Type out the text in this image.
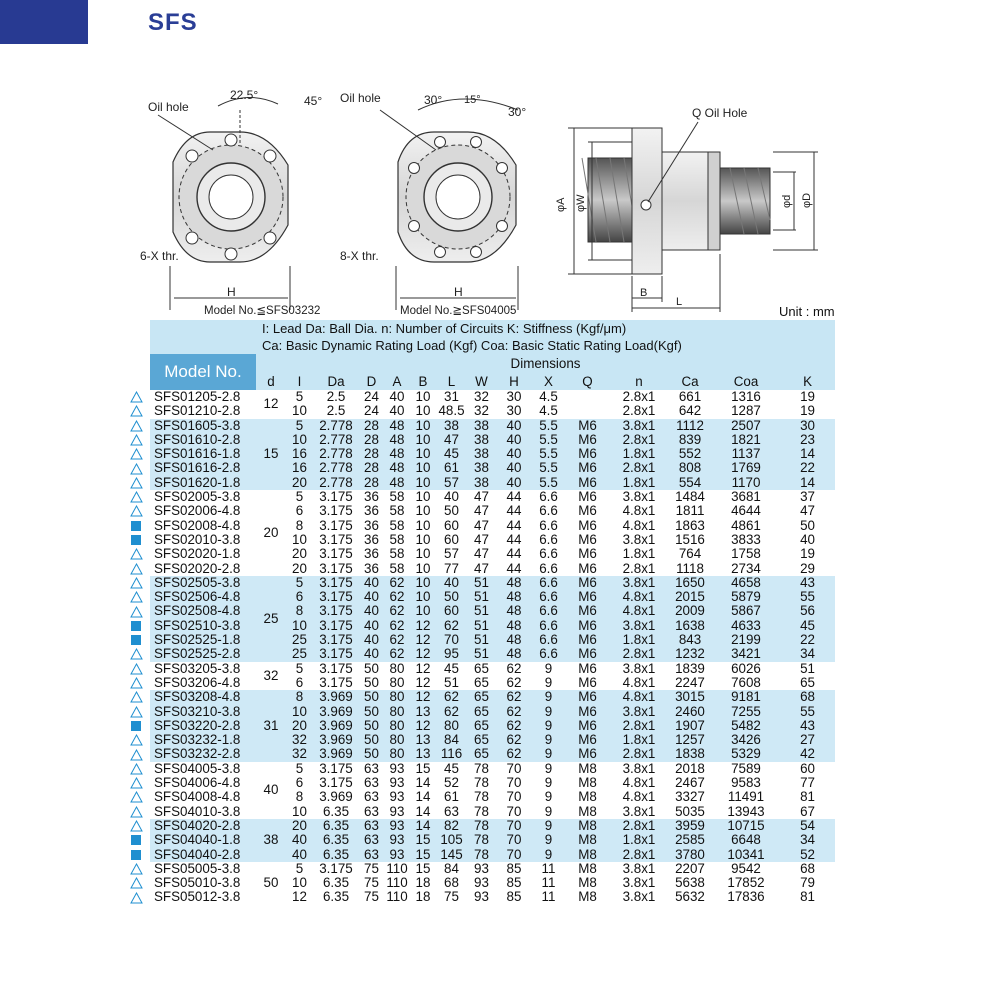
SFS
Oil hole
22.5°	45°
6-X thr.
H
Model No.≦SFS03232
Oil hole	30° 15°
30°
8-X thr.
H
Model No.≧SFS04005
Q Oil Hole
φA φW	φd φD
B
L
Unit : mm
I: Lead Da: Ball Dia. n: Number of Circuits K: Stiffness (Kgf/μm)
Ca: Basic Dynamic Rating Load (Kgf) Coa: Basic Static Rating Load(Kgf)															

Model No.	Dimensions														
	d	I	Da	D	A	B	L	W	H	X	Q	n	Ca	Coa	K
SFS01205-2.8	12	5	2.5	24	40	10	31	32	30	4.5		2.8x1	661	1316	19
SFS01210-2.8		10	2.5	24	40	10	48.5	32	30	4.5		2.8x1	642	1287	19
SFS01605-3.8	15	5	2.778	28	48	10	38	38	40	5.5	M6	3.8x1	1112	2507	30
SFS01610-2.8		10	2.778	28	48	10	47	38	40	5.5	M6	2.8x1	839	1821	23
SFS01616-1.8		16	2.778	28	48	10	45	38	40	5.5	M6	1.8x1	552	1137	14
SFS01616-2.8		16	2.778	28	48	10	61	38	40	5.5	M6	2.8x1	808	1769	22
SFS01620-1.8		20	2.778	28	48	10	57	38	40	5.5	M6	1.8x1	554	1170	14
SFS02005-3.8	20	5	3.175	36	58	10	40	47	44	6.6	M6	3.8x1	1484	3681	37
SFS02006-4.8		6	3.175	36	58	10	50	47	44	6.6	M6	4.8x1	1811	4644	47
SFS02008-4.8		8	3.175	36	58	10	60	47	44	6.6	M6	4.8x1	1863	4861	50
SFS02010-3.8		10	3.175	36	58	10	60	47	44	6.6	M6	3.8x1	1516	3833	40
SFS02020-1.8		20	3.175	36	58	10	57	47	44	6.6	M6	1.8x1	764	1758	19
SFS02020-2.8		20	3.175	36	58	10	77	47	44	6.6	M6	2.8x1	1118	2734	29
SFS02505-3.8	25	5	3.175	40	62	10	40	51	48	6.6	M6	3.8x1	1650	4658	43
SFS02506-4.8		6	3.175	40	62	10	50	51	48	6.6	M6	4.8x1	2015	5879	55
SFS02508-4.8		8	3.175	40	62	10	60	51	48	6.6	M6	4.8x1	2009	5867	56
SFS02510-3.8		10	3.175	40	62	12	62	51	48	6.6	M6	3.8x1	1638	4633	45
SFS02525-1.8		25	3.175	40	62	12	70	51	48	6.6	M6	1.8x1	843	2199	22
SFS02525-2.8		25	3.175	40	62	12	95	51	48	6.6	M6	2.8x1	1232	3421	34
SFS03205-3.8	32	5	3.175	50	80	12	45	65	62	9	M6	3.8x1	1839	6026	51
SFS03206-4.8		6	3.175	50	80	12	51	65	62	9	M6	4.8x1	2247	7608	65
SFS03208-4.8	31	8	3.969	50	80	12	62	65	62	9	M6	4.8x1	3015	9181	68
SFS03210-3.8		10	3.969	50	80	13	62	65	62	9	M6	3.8x1	2460	7255	55
SFS03220-2.8		20	3.969	50	80	12	80	65	62	9	M6	2.8x1	1907	5482	43
SFS03232-1.8		32	3.969	50	80	13	84	65	62	9	M6	1.8x1	1257	3426	27
SFS03232-2.8		32	3.969	50	80	13	116	65	62	9	M6	2.8x1	1838	5329	42
SFS04005-3.8	40	5	3.175	63	93	15	45	78	70	9	M8	3.8x1	2018	7589	60
SFS04006-4.8		6	3.175	63	93	14	52	78	70	9	M8	4.8x1	2467	9583	77
SFS04008-4.8		8	3.969	63	93	14	61	78	70	9	M8	4.8x1	3327	11491	81
SFS04010-3.8		10	6.35	63	93	14	63	78	70	9	M8	3.8x1	5035	13943	67
SFS04020-2.8	38	20	6.35	63	93	14	82	78	70	9	M8	2.8x1	3959	10715	54
SFS04040-1.8		40	6.35	63	93	15	105	78	70	9	M8	1.8x1	2585	6648	34
SFS04040-2.8		40	6.35	63	93	15	145	78	70	9	M8	2.8x1	3780	10341	52
SFS05005-3.8	50	5	3.175	75	110	15	84	93	85	11	M8	3.8x1	2207	9542	68
SFS05010-3.8		10	6.35	75	110	18	68	93	85	11	M8	3.8x1	5638	17852	79
SFS05012-3.8		12	6.35	75	110	18	75	93	85	11	M8	3.8x1	5632	17836	81
